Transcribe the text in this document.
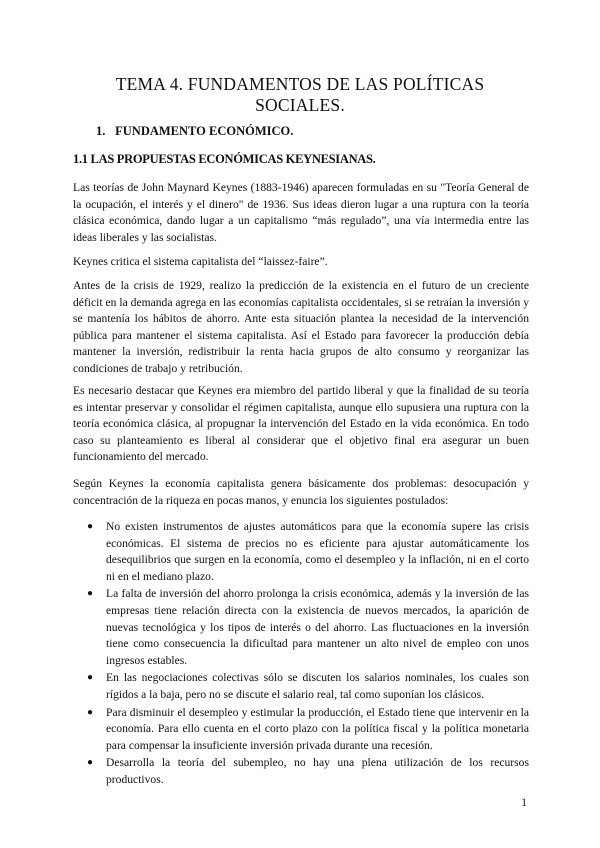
TEMA 4. FUNDAMENTOS DE LAS POLÍTICAS
SOCIALES.
1. FUNDAMENTO ECONÓMICO.
1.1 LAS PROPUESTAS ECONÓMICAS KEYNESIANAS.

Las teorías de John Maynard Keynes (1883-1946) aparecen formuladas en su "Teoría General de la ocupación, el interés y el dinero" de 1936. Sus ideas dieron lugar a una ruptura con la teoría clásica económica, dando lugar a un capitalismo “más regulado”, una vía intermedia entre las ideas liberales y las socialistas.

Keynes critica el sistema capitalista del “laissez-faire”.

Antes de la crisis de 1929, realizo la predicción de la existencia en el futuro de un creciente déficit en la demanda agrega en las economías capitalista occidentales, si se retraían la inversión y se mantenía los hábitos de ahorro. Ante esta situación plantea la necesidad de la intervención pública para mantener el sistema capitalista. Así el Estado para favorecer la producción debía mantener la inversión, redistribuir la renta hacia grupos de alto consumo y reorganizar las condiciones de trabajo y retribución.

Es necesario destacar que Keynes era miembro del partido liberal y que la finalidad de su teoría es intentar preservar y consolidar el régimen capitalista, aunque ello supusiera una ruptura con la teoría económica clásica, al propugnar la intervención del Estado en la vida económica. En todo caso su planteamiento es liberal al considerar que el objetivo final era asegurar un buen funcionamiento del mercado.

Según Keynes la economía capitalista genera básicamente dos problemas: desocupación y concentración de la riqueza en pocas manos, y enuncia los siguientes postulados:

● No existen instrumentos de ajustes automáticos para que la economía supere las crisis económicas. El sistema de precios no es eficiente para ajustar automáticamente los desequilibrios que surgen en la economía, como el desempleo y la inflación, ni en el corto ni en el mediano plazo.
● La falta de inversión del ahorro prolonga la crisis económica, además y la inversión de las empresas tiene relación directa con la existencia de nuevos mercados, la aparición de nuevas tecnológica y los tipos de interés o del ahorro. Las fluctuaciones en la inversión tiene como consecuencia la dificultad para mantener un alto nivel de empleo con unos ingresos estables.
● En las negociaciones colectivas sólo se discuten los salarios nominales, los cuales son rígidos a la baja, pero no se discute el salario real, tal como suponían los clásicos.
● Para disminuir el desempleo y estimular la producción, el Estado tiene que intervenir en la economía. Para ello cuenta en el corto plazo con la política fiscal y la política monetaria para compensar la insuficiente inversión privada durante una recesión.
● Desarrolla la teoría del subempleo, no hay una plena utilización de los recursos productivos.
1
